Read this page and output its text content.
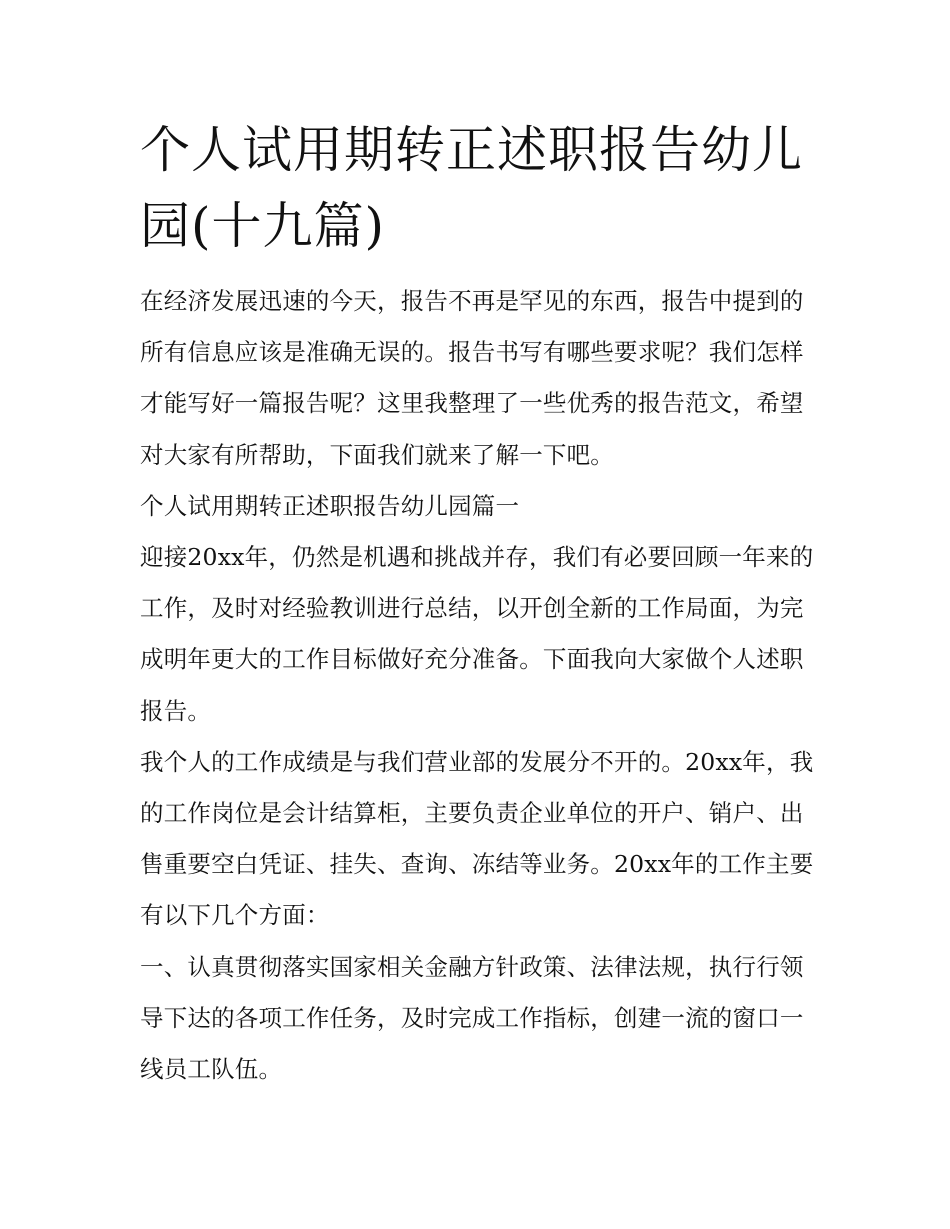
个人试用期转正述职报告幼儿园(十九篇)

在经济发展迅速的今天，报告不再是罕见的东西，报告中提到的所有信息应该是准确无误的。报告书写有哪些要求呢？我们怎样才能写好一篇报告呢？这里我整理了一些优秀的报告范文，希望对大家有所帮助，下面我们就来了解一下吧。

个人试用期转正述职报告幼儿园篇一

迎接20xx年，仍然是机遇和挑战并存，我们有必要回顾一年来的工作，及时对经验教训进行总结，以开创全新的工作局面，为完成明年更大的工作目标做好充分准备。下面我向大家做个人述职报告。

我个人的工作成绩是与我们营业部的发展分不开的。20xx年，我的工作岗位是会计结算柜，主要负责企业单位的开户、销户、出售重要空白凭证、挂失、查询、冻结等业务。20xx年的工作主要有以下几个方面：

一、认真贯彻落实国家相关金融方针政策、法律法规，执行行领导下达的各项工作任务，及时完成工作指标，创建一流的窗口一线员工队伍。
